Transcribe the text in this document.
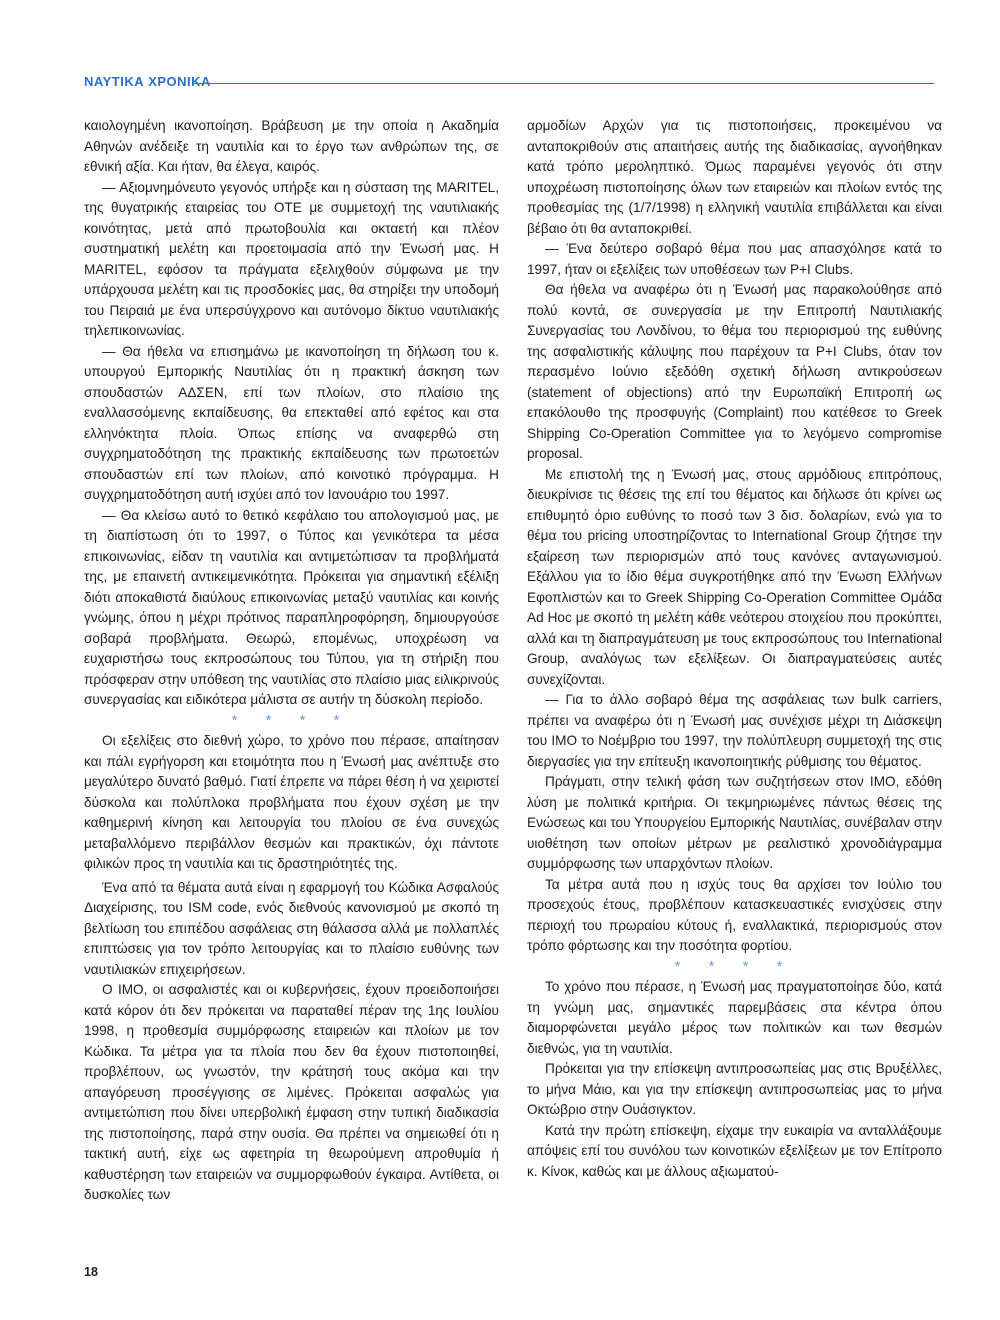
ΝΑΥΤΙΚΑ ΧΡΟΝΙΚΑ

καιολογημένη ικανοποίηση. Βράβευση με την οποία η Ακαδημία Αθηνών ανέδειξε τη ναυτιλία και το έργο των ανθρώπων της, σε εθνική αξία. Και ήταν, θα έλεγα, καιρός.

— Αξιομνημόνευτο γεγονός υπήρξε και η σύσταση της MARITEL, της θυγατρικής εταιρείας του ΟΤΕ με συμμετοχή της ναυτιλιακής κοινότητας, μετά από πρωτοβουλία και οκταετή και πλέον συστηματική μελέτη και προετοιμασία από την Ένωσή μας. Η MARITEL, εφόσον τα πράγματα εξελιχθούν σύμφωνα με την υπάρχουσα μελέτη και τις προσδοκίες μας, θα στηρίξει την υποδομή του Πειραιά με ένα υπερσύγχρονο και αυτόνομο δίκτυο ναυτιλιακής τηλεπικοινωνίας.

— Θα ήθελα να επισημάνω με ικανοποίηση τη δήλωση του κ. υπουργού Εμπορικής Ναυτιλίας ότι η πρακτική άσκηση των σπουδαστών ΑΔΣΕΝ, επί των πλοίων, στο πλαίσιο της εναλλασσόμενης εκπαίδευσης, θα επεκταθεί από εφέτος και στα ελληνόκτητα πλοία. Όπως επίσης να αναφερθώ στη συγχρηματοδότηση της πρακτικής εκπαίδευσης των πρωτοετών σπουδαστών επί των πλοίων, από κοινοτικό πρόγραμμα. Η συγχρηματοδότηση αυτή ισχύει από τον Ιανουάριο του 1997.

— Θα κλείσω αυτό το θετικό κεφάλαιο του απολογισμού μας, με τη διαπίστωση ότι το 1997, ο Τύπος και γενικότερα τα μέσα επικοινωνίας, είδαν τη ναυτιλία και αντιμετώπισαν τα προβλήματά της, με επαινετή αντικειμενικότητα. Πρόκειται για σημαντική εξέλιξη διότι αποκαθιστά διαύλους επικοινωνίας μεταξύ ναυτιλίας και κοινής γνώμης, όπου η μέχρι πρότινος παραπληροφόρηση, δημιουργούσε σοβαρά προβλήματα. Θεωρώ, επομένως, υποχρέωση να ευχαριστήσω τους εκπροσώπους του Τύπου, για τη στήριξη που πρόσφεραν στην υπόθεση της ναυτιλίας στο πλαίσιο μιας ειλικρινούς συνεργασίας και ειδικότερα μάλιστα σε αυτήν τη δύσκολη περίοδο.

* * * *

Οι εξελίξεις στο διεθνή χώρο, το χρόνο που πέρασε, απαίτησαν και πάλι εγρήγορση και ετοιμότητα που η Ένωσή μας ανέπτυξε στο μεγαλύτερο δυνατό βαθμό. Γιατί έπρεπε να πάρει θέση ή να χειριστεί δύσκολα και πολύπλοκα προβλήματα που έχουν σχέση με την καθημερινή κίνηση και λειτουργία του πλοίου σε ένα συνεχώς μεταβαλλόμενο περιβάλλον θεσμών και πρακτικών, όχι πάντοτε φιλικών προς τη ναυτιλία και τις δραστηριότητές της.

Ένα από τα θέματα αυτά είναι η εφαρμογή του Κώδικα Ασφαλούς Διαχείρισης, του ISM code, ενός διεθνούς κανονισμού με σκοπό τη βελτίωση του επιπέδου ασφάλειας στη θάλασσα αλλά με πολλαπλές επιπτώσεις για τον τρόπο λειτουργίας και το πλαίσιο ευθύνης των ναυτιλιακών επιχειρήσεων.

Ο ΙΜΟ, οι ασφαλιστές και οι κυβερνήσεις, έχουν προειδοποιήσει κατά κόρον ότι δεν πρόκειται να παραταθεί πέραν της 1ης Ιουλίου 1998, η προθεσμία συμμόρφωσης εταιρειών και πλοίων με τον Κώδικα. Τα μέτρα για τα πλοία που δεν θα έχουν πιστοποιηθεί, προβλέπουν, ως γνωστόν, την κράτησή τους ακόμα και την απαγόρευση προσέγγισης σε λιμένες. Πρόκειται ασφαλώς για αντιμετώπιση που δίνει υπερβολική έμφαση στην τυπική διαδικασία της πιστοποίησης, παρά στην ουσία. Θα πρέπει να σημειωθεί ότι η τακτική αυτή, είχε ως αφετηρία τη θεωρούμενη απροθυμία ή καθυστέρηση των εταιρειών να συμμορφωθούν έγκαιρα. Αντίθετα, οι δυσκολίες των

αρμοδίων Αρχών για τις πιστοποιήσεις, προκειμένου να ανταποκριθούν στις απαιτήσεις αυτής της διαδικασίας, αγνοήθηκαν κατά τρόπο μεροληπτικό. Όμως παραμένει γεγονός ότι στην υποχρέωση πιστοποίησης όλων των εταιρειών και πλοίων εντός της προθεσμίας της (1/7/1998) η ελληνική ναυτιλία επιβάλλεται και είναι βέβαιο ότι θα ανταποκριθεί.

— Ένα δεύτερο σοβαρό θέμα που μας απασχόλησε κατά το 1997, ήταν οι εξελίξεις των υποθέσεων των P+I Clubs.

Θα ήθελα να αναφέρω ότι η Ένωσή μας παρακολούθησε από πολύ κοντά, σε συνεργασία με την Επιτροπή Ναυτιλιακής Συνεργασίας του Λονδίνου, το θέμα του περιορισμού της ευθύνης της ασφαλιστικής κάλυψης που παρέχουν τα P+I Clubs, όταν τον περασμένο Ιούνιο εξεδόθη σχετική δήλωση αντικρούσεων (statement of objections) από την Ευρωπαϊκή Επιτροπή ως επακόλουθο της προσφυγής (Complaint) που κατέθεσε το Greek Shipping Co-Operation Committee για το λεγόμενο compromise proposal.

Με επιστολή της η Ένωσή μας, στους αρμόδιους επιτρόπους, διευκρίνισε τις θέσεις της επί του θέματος και δήλωσε ότι κρίνει ως επιθυμητό όριο ευθύνης το ποσό των 3 δισ. δολαρίων, ενώ για το θέμα του pricing υποστηρίζοντας το International Group ζήτησε την εξαίρεση των περιορισμών από τους κανόνες ανταγωνισμού. Εξάλλου για το ίδιο θέμα συγκροτήθηκε από την Ένωση Ελλήνων Εφοπλιστών και το Greek Shipping Co-Operation Committee Ομάδα Ad Hoc με σκοπό τη μελέτη κάθε νεότερου στοιχείου που προκύπτει, αλλά και τη διαπραγμάτευση με τους εκπροσώπους του International Group, αναλόγως των εξελίξεων. Οι διαπραγματεύσεις αυτές συνεχίζονται.

— Για το άλλο σοβαρό θέμα της ασφάλειας των bulk carriers, πρέπει να αναφέρω ότι η Ένωσή μας συνέχισε μέχρι τη Διάσκεψη του ΙΜΟ το Νοέμβριο του 1997, την πολύπλευρη συμμετοχή της στις διεργασίες για την επίτευξη ικανοποιητικής ρύθμισης του θέματος.

Πράγματι, στην τελική φάση των συζητήσεων στον ΙΜΟ, εδόθη λύση με πολιτικά κριτήρια. Οι τεκμηριωμένες πάντως θέσεις της Ενώσεως και του Υπουργείου Εμπορικής Ναυτιλίας, συνέβαλαν στην υιοθέτηση των οποίων μέτρων με ρεαλιστικό χρονοδιάγραμμα συμμόρφωσης των υπαρχόντων πλοίων.

Τα μέτρα αυτά που η ισχύς τους θα αρχίσει τον Ιούλιο του προσεχούς έτους, προβλέπουν κατασκευαστικές ενισχύσεις στην περιοχή του πρωραίου κύτους ή, εναλλακτικά, περιορισμούς στον τρόπο φόρτωσης και την ποσότητα φορτίου.

* * * *

Το χρόνο που πέρασε, η Ένωσή μας πραγματοποίησε δύο, κατά τη γνώμη μας, σημαντικές παρεμβάσεις στα κέντρα όπου διαμορφώνεται μεγάλο μέρος των πολιτικών και των θεσμών διεθνώς, για τη ναυτιλία.

Πρόκειται για την επίσκεψη αντιπροσωπείας μας στις Βρυξέλλες, το μήνα Μάιο, και για την επίσκεψη αντιπροσωπείας μας το μήνα Οκτώβριο στην Ουάσιγκτον.

Κατά την πρώτη επίσκεψη, είχαμε την ευκαιρία να ανταλλάξουμε απόψεις επί του συνόλου των κοινοτικών εξελίξεων με τον Επίτροπο κ. Κίνοκ, καθώς και με άλλους αξιωματού-

18
